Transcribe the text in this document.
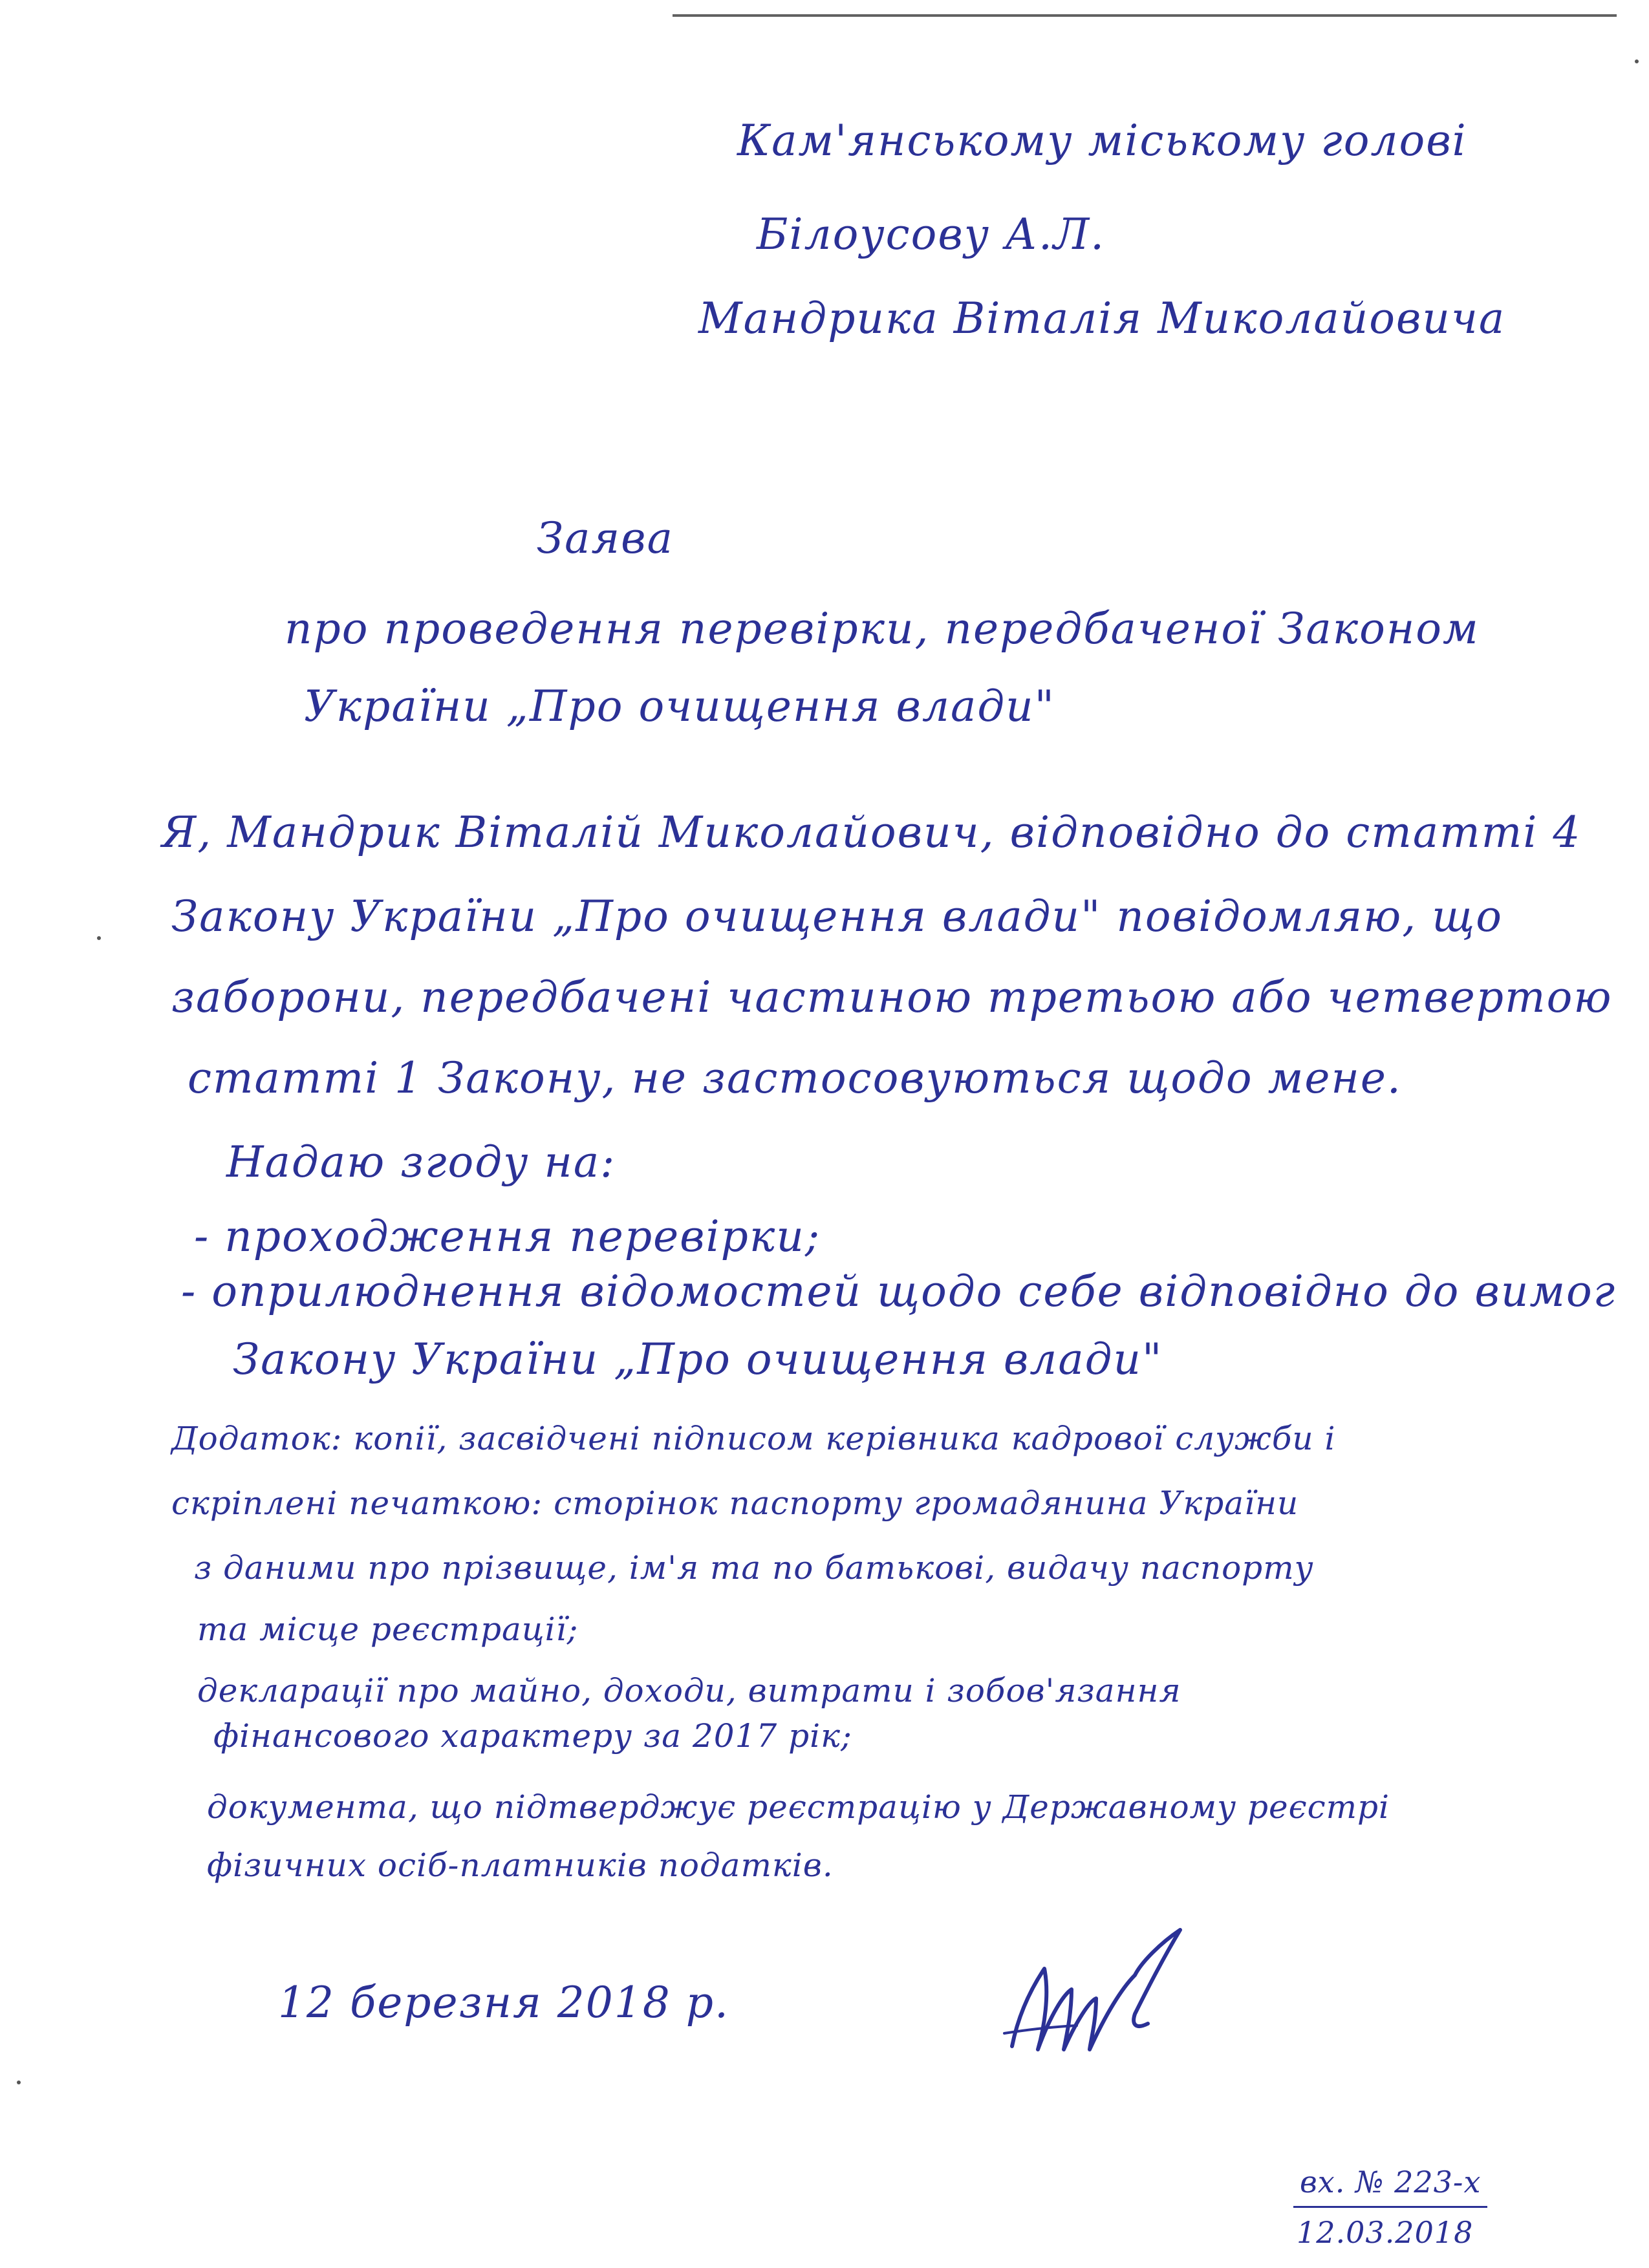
Кам'янському міському голові
Білоусову А.Л.
Мандрика Віталія Миколайовича
Заява
про проведення перевірки, передбаченої Законом
України „Про очищення влади"
Я, Мандрик Віталій Миколайович, відповідно до статті 4
Закону України „Про очищення влади" повідомляю, що
заборони, передбачені частиною третьою або четвертою
статті 1 Закону, не застосовуються щодо мене.
Надаю згоду на:
- проходження перевірки;
- оприлюднення відомостей щодо себе відповідно до вимог
Закону України „Про очищення влади"
Додаток: копії, засвідчені підписом керівника кадрової служби і
скріплені печаткою: сторінок паспорту громадянина України
з даними про прізвище, ім'я та по батькові, видачу паспорту
та місце реєстрації;
декларації про майно, доходи, витрати і зобов'язання
фінансового характеру за 2017 рік;
документа, що підтверджує реєстрацію у Державному реєстрі
фізичних осіб-платників податків.
12 березня 2018 р.
вх. № 223-х
12.03.2018
